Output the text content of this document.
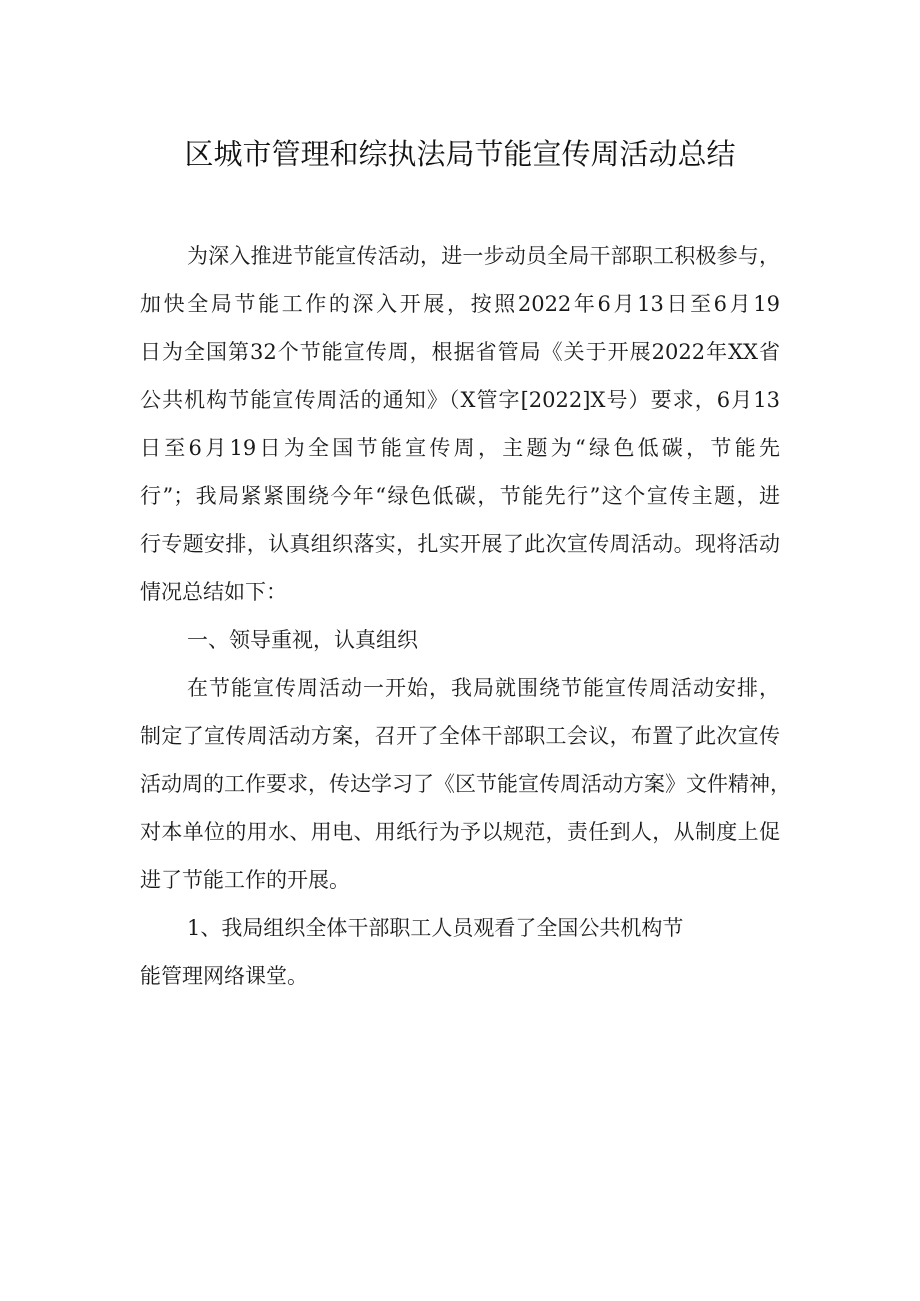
区城市管理和综执法局节能宣传周活动总结

为深入推进节能宣传活动，进一步动员全局干部职工积极参与，

加快全局节能工作的深入开展，按照2022年6月13日至6月19

日为全国第32个节能宣传周，根据省管局《关于开展2022年XX省

公共机构节能宣传周活的通知》（X管字[2022]X号）要求，6月13

日至6月19日为全国节能宣传周，主题为“绿色低碳，节能先

行”；我局紧紧围绕今年“绿色低碳，节能先行”这个宣传主题，进

行专题安排，认真组织落实，扎实开展了此次宣传周活动。现将活动

情况总结如下：

一、领导重视，认真组织

在节能宣传周活动一开始，我局就围绕节能宣传周活动安排，

制定了宣传周活动方案，召开了全体干部职工会议，布置了此次宣传

活动周的工作要求，传达学习了《区节能宣传周活动方案》文件精神，

对本单位的用水、用电、用纸行为予以规范，责任到人，从制度上促

进了节能工作的开展。

1、我局组织全体干部职工人员观看了全国公共机构节

能管理网络课堂。
